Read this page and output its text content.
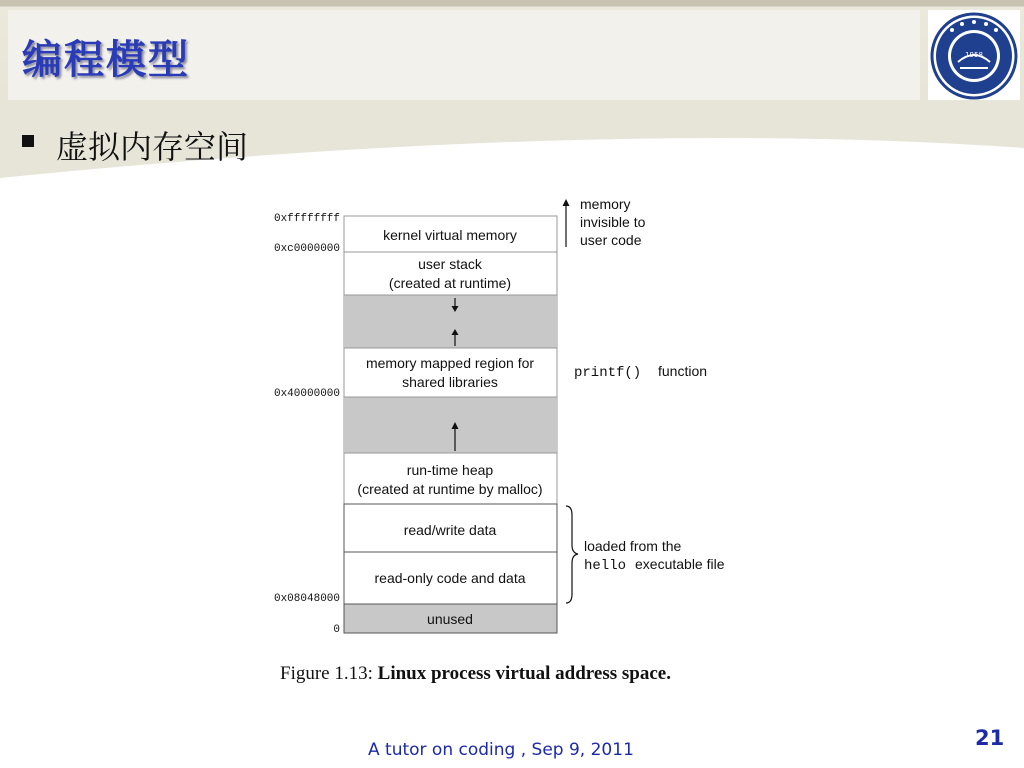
编程模型	1958
虚拟内存空间
kernel virtual memory
user stack
(created at runtime)
memory mapped region for
shared libraries
run-time heap
(created at runtime by malloc)
read/write data
read-only code and data
unused
0xffffffff
0xc0000000
0x40000000
0x08048000
0
memory
invisible to
user code
printf() function
loaded from the
hello executable file
Figure 1.13: Linux process virtual address space.
A tutor on coding , Sep 9, 2011	21
